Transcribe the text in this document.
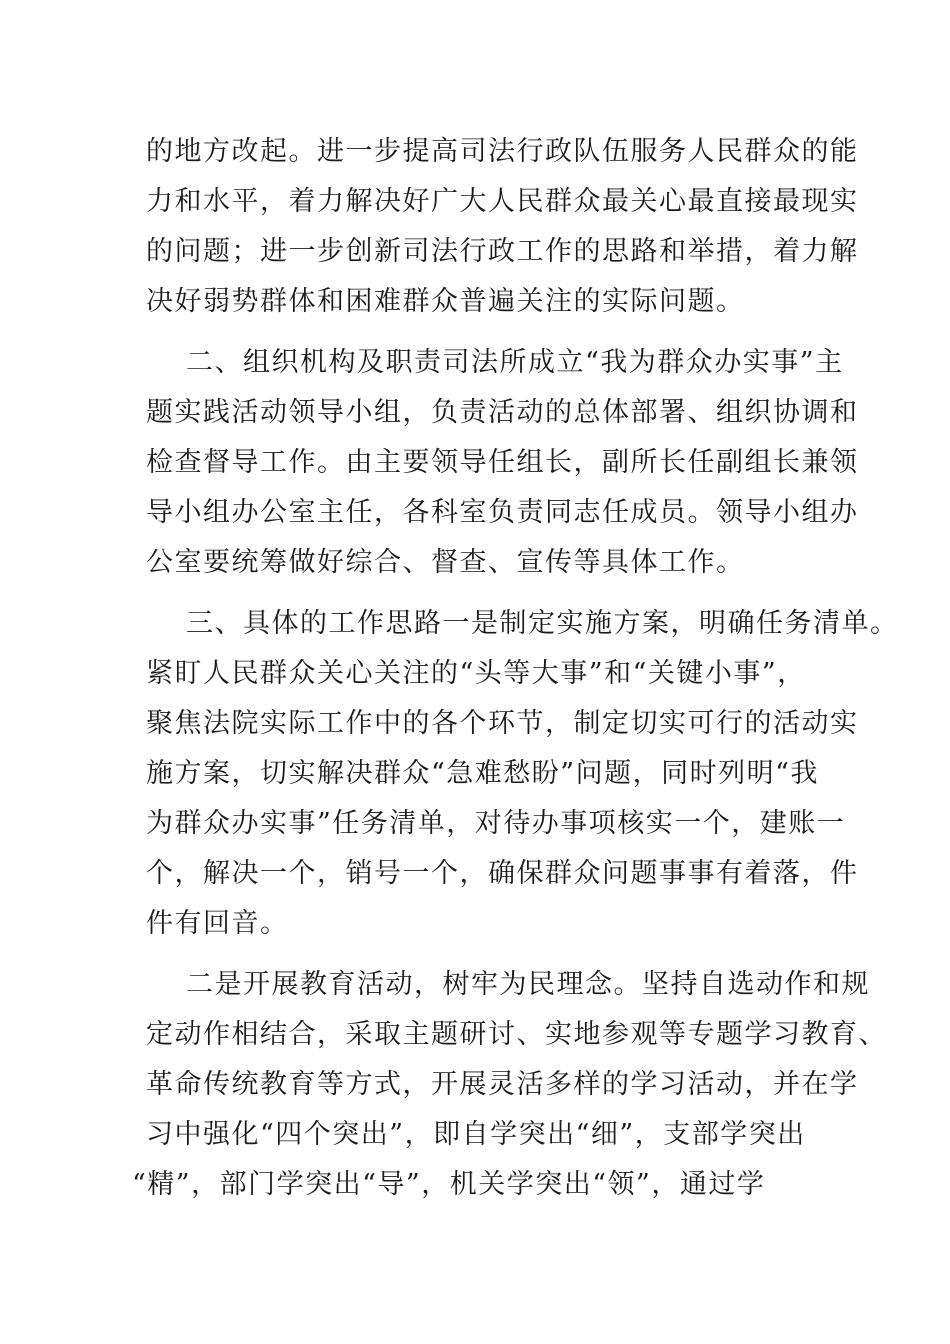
的地方改起。进一步提高司法行政队伍服务人民群众的能
力和水平，着力解决好广大人民群众最关心最直接最现实
的问题；进一步创新司法行政工作的思路和举措，着力解
决好弱势群体和困难群众普遍关注的实际问题。
二、组织机构及职责司法所成立“我为群众办实事”主
题实践活动领导小组，负责活动的总体部署、组织协调和
检查督导工作。由主要领导任组长，副所长任副组长兼领
导小组办公室主任，各科室负责同志任成员。领导小组办
公室要统筹做好综合、督查、宣传等具体工作。
三、具体的工作思路一是制定实施方案，明确任务清单。
紧盯人民群众关心关注的“头等大事”和“关键小事”，
聚焦法院实际工作中的各个环节，制定切实可行的活动实
施方案，切实解决群众“急难愁盼”问题，同时列明“我
为群众办实事”任务清单，对待办事项核实一个，建账一
个，解决一个，销号一个，确保群众问题事事有着落，件
件有回音。
二是开展教育活动，树牢为民理念。坚持自选动作和规
定动作相结合，采取主题研讨、实地参观等专题学习教育、
革命传统教育等方式，开展灵活多样的学习活动，并在学
习中强化“四个突出”，即自学突出“细”，支部学突出
“精”，部门学突出“导”，机关学突出“领”，通过学
